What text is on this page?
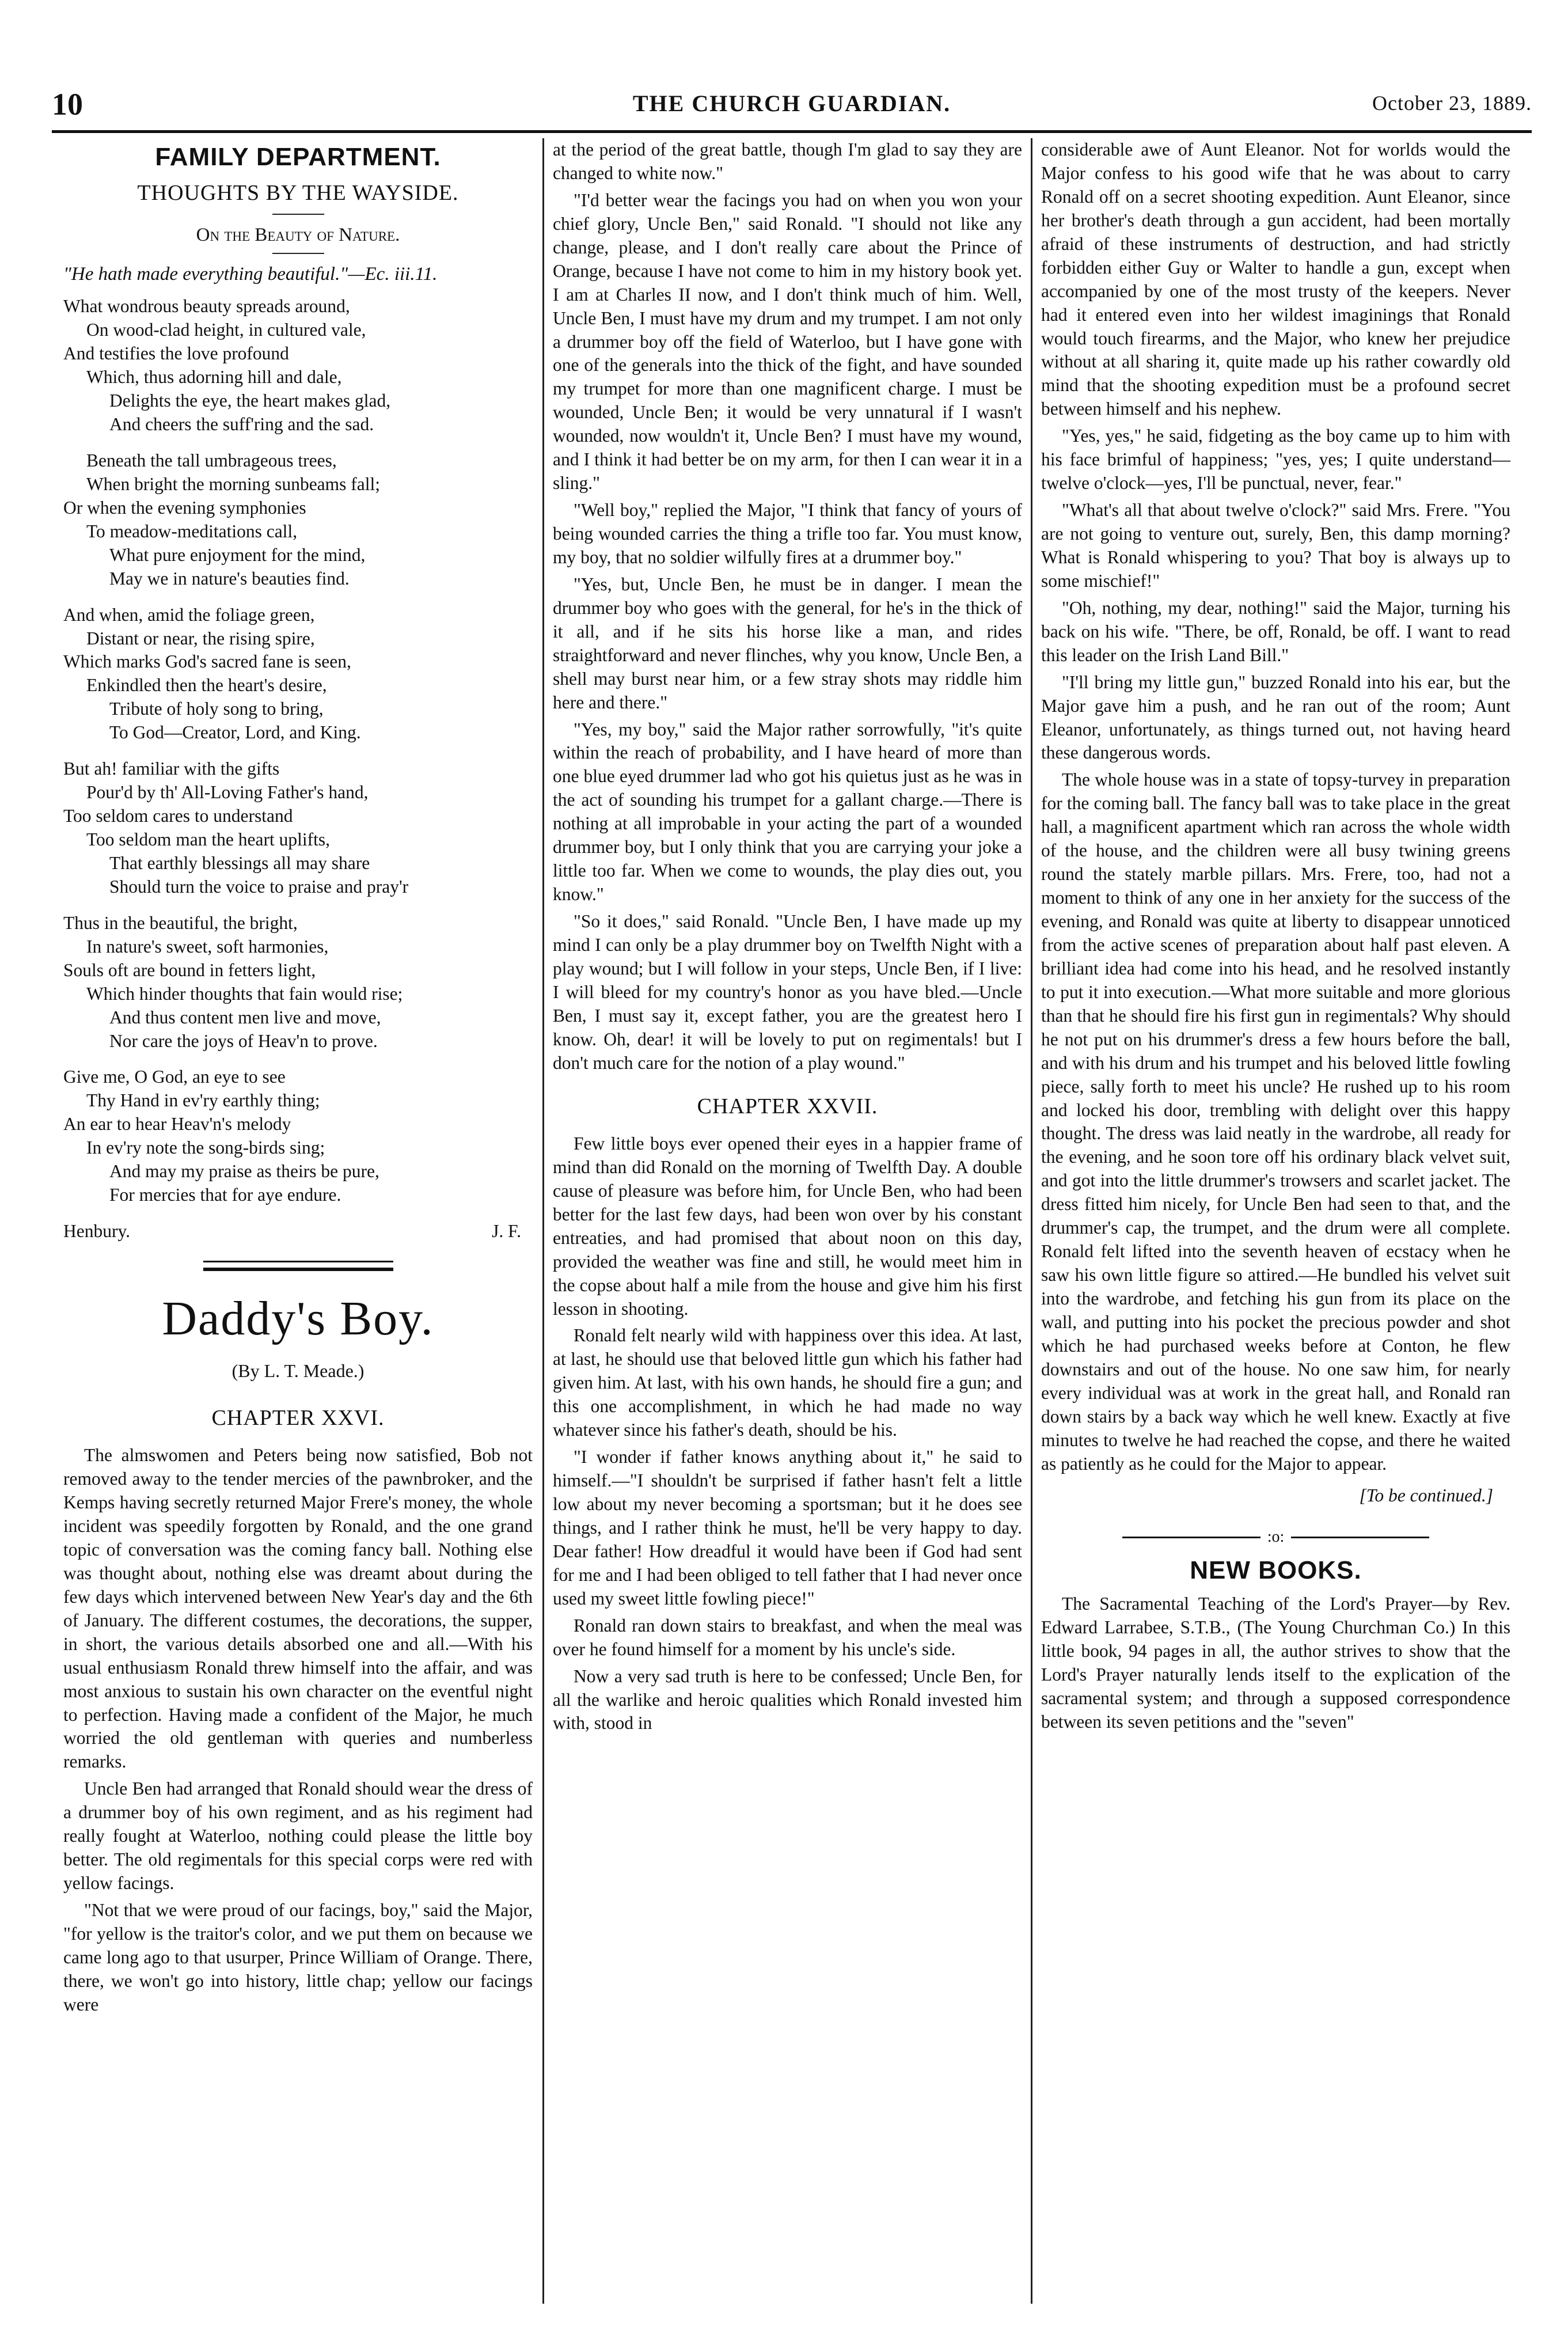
10	THE CHURCH GUARDIAN.	October 23, 1889.
FAMILY DEPARTMENT.
THOUGHTS BY THE WAYSIDE.
On the Beauty of Nature.
"He hath made everything beautiful."—Ec. iii.11.
What wondrous beauty spreads around,
On wood-clad height, in cultured vale,
And testifies the love profound
Which, thus adorning hill and dale,
Delights the eye, the heart makes glad,
And cheers the suff'ring and the sad.
Beneath the tall umbrageous trees,
When bright the morning sunbeams fall;
Or when the evening symphonies
To meadow-meditations call,
What pure enjoyment for the mind,
May we in nature's beauties find.
And when, amid the foliage green,
Distant or near, the rising spire,
Which marks God's sacred fane is seen,
Enkindled then the heart's desire,
Tribute of holy song to bring,
To God—Creator, Lord, and King.
But ah! familiar with the gifts
Pour'd by th' All-Loving Father's hand,
Too seldom cares to understand
Too seldom man the heart uplifts,
That earthly blessings all may share
Should turn the voice to praise and pray'r
Thus in the beautiful, the bright,
In nature's sweet, soft harmonies,
Souls oft are bound in fetters light,
Which hinder thoughts that fain would rise;
And thus content men live and move,
Nor care the joys of Heav'n to prove.
Give me, O God, an eye to see
Thy Hand in ev'ry earthly thing;
An ear to hear Heav'n's melody
In ev'ry note the song-birds sing;
And may my praise as theirs be pure,
For mercies that for aye endure.
Henbury.	J. F.
Daddy's Boy.
(By L. T. Meade.)
CHAPTER XXVI.

The almswomen and Peters being now satisfied, Bob not removed away to the tender mercies of the pawnbroker, and the Kemps having secretly returned Major Frere's money, the whole incident was speedily forgotten by Ronald, and the one grand topic of conversation was the coming fancy ball. Nothing else was thought about, nothing else was dreamt about during the few days which intervened between New Year's day and the 6th of January. The different costumes, the decorations, the supper, in short, the various details absorbed one and all.—With his usual enthusiasm Ronald threw himself into the affair, and was most anxious to sustain his own character on the eventful night to perfection. Having made a confident of the Major, he much worried the old gentleman with queries and numberless remarks.

Uncle Ben had arranged that Ronald should wear the dress of a drummer boy of his own regiment, and as his regiment had really fought at Waterloo, nothing could please the little boy better. The old regimentals for this special corps were red with yellow facings.

"Not that we were proud of our facings, boy," said the Major, "for yellow is the traitor's color, and we put them on because we came long ago to that usurper, Prince William of Orange. There, there, we won't go into history, little chap; yellow our facings were

at the period of the great battle, though I'm glad to say they are changed to white now."

"I'd better wear the facings you had on when you won your chief glory, Uncle Ben," said Ronald. "I should not like any change, please, and I don't really care about the Prince of Orange, because I have not come to him in my history book yet. I am at Charles II now, and I don't think much of him. Well, Uncle Ben, I must have my drum and my trumpet. I am not only a drummer boy off the field of Waterloo, but I have gone with one of the generals into the thick of the fight, and have sounded my trumpet for more than one magnificent charge. I must be wounded, Uncle Ben; it would be very unnatural if I wasn't wounded, now wouldn't it, Uncle Ben? I must have my wound, and I think it had better be on my arm, for then I can wear it in a sling."

"Well boy," replied the Major, "I think that fancy of yours of being wounded carries the thing a trifle too far. You must know, my boy, that no soldier wilfully fires at a drummer boy."

"Yes, but, Uncle Ben, he must be in danger. I mean the drummer boy who goes with the general, for he's in the thick of it all, and if he sits his horse like a man, and rides straightforward and never flinches, why you know, Uncle Ben, a shell may burst near him, or a few stray shots may riddle him here and there."

"Yes, my boy," said the Major rather sorrowfully, "it's quite within the reach of probability, and I have heard of more than one blue eyed drummer lad who got his quietus just as he was in the act of sounding his trumpet for a gallant charge.—There is nothing at all improbable in your acting the part of a wounded drummer boy, but I only think that you are carrying your joke a little too far. When we come to wounds, the play dies out, you know."

"So it does," said Ronald. "Uncle Ben, I have made up my mind I can only be a play drummer boy on Twelfth Night with a play wound; but I will follow in your steps, Uncle Ben, if I live: I will bleed for my country's honor as you have bled.—Uncle Ben, I must say it, except father, you are the greatest hero I know. Oh, dear! it will be lovely to put on regimentals! but I don't much care for the notion of a play wound."

CHAPTER XXVII.

Few little boys ever opened their eyes in a happier frame of mind than did Ronald on the morning of Twelfth Day. A double cause of pleasure was before him, for Uncle Ben, who had been better for the last few days, had been won over by his constant entreaties, and had promised that about noon on this day, provided the weather was fine and still, he would meet him in the copse about half a mile from the house and give him his first lesson in shooting.

Ronald felt nearly wild with happiness over this idea. At last, at last, he should use that beloved little gun which his father had given him. At last, with his own hands, he should fire a gun; and this one accomplishment, in which he had made no way whatever since his father's death, should be his.

"I wonder if father knows anything about it," he said to himself.—"I shouldn't be surprised if father hasn't felt a little low about my never becoming a sportsman; but it he does see things, and I rather think he must, he'll be very happy to day. Dear father! How dreadful it would have been if God had sent for me and I had been obliged to tell father that I had never once used my sweet little fowling piece!"

Ronald ran down stairs to breakfast, and when the meal was over he found himself for a moment by his uncle's side.

Now a very sad truth is here to be confessed; Uncle Ben, for all the warlike and heroic qualities which Ronald invested him with, stood in

considerable awe of Aunt Eleanor. Not for worlds would the Major confess to his good wife that he was about to carry Ronald off on a secret shooting expedition. Aunt Eleanor, since her brother's death through a gun accident, had been mortally afraid of these instruments of destruction, and had strictly forbidden either Guy or Walter to handle a gun, except when accompanied by one of the most trusty of the keepers. Never had it entered even into her wildest imaginings that Ronald would touch firearms, and the Major, who knew her prejudice without at all sharing it, quite made up his rather cowardly old mind that the shooting expedition must be a profound secret between himself and his nephew.

"Yes, yes," he said, fidgeting as the boy came up to him with his face brimful of happiness; "yes, yes; I quite understand—twelve o'clock—yes, I'll be punctual, never, fear."

"What's all that about twelve o'clock?" said Mrs. Frere. "You are not going to venture out, surely, Ben, this damp morning? What is Ronald whispering to you? That boy is always up to some mischief!"

"Oh, nothing, my dear, nothing!" said the Major, turning his back on his wife. "There, be off, Ronald, be off. I want to read this leader on the Irish Land Bill."

"I'll bring my little gun," buzzed Ronald into his ear, but the Major gave him a push, and he ran out of the room; Aunt Eleanor, unfortunately, as things turned out, not having heard these dangerous words.

The whole house was in a state of topsy-turvey in preparation for the coming ball. The fancy ball was to take place in the great hall, a magnificent apartment which ran across the whole width of the house, and the children were all busy twining greens round the stately marble pillars. Mrs. Frere, too, had not a moment to think of any one in her anxiety for the success of the evening, and Ronald was quite at liberty to disappear unnoticed from the active scenes of preparation about half past eleven. A brilliant idea had come into his head, and he resolved instantly to put it into execution.—What more suitable and more glorious than that he should fire his first gun in regimentals? Why should he not put on his drummer's dress a few hours before the ball, and with his drum and his trumpet and his beloved little fowling piece, sally forth to meet his uncle? He rushed up to his room and locked his door, trembling with delight over this happy thought. The dress was laid neatly in the wardrobe, all ready for the evening, and he soon tore off his ordinary black velvet suit, and got into the little drummer's trowsers and scarlet jacket. The dress fitted him nicely, for Uncle Ben had seen to that, and the drummer's cap, the trumpet, and the drum were all complete. Ronald felt lifted into the seventh heaven of ecstacy when he saw his own little figure so attired.—He bundled his velvet suit into the wardrobe, and fetching his gun from its place on the wall, and putting into his pocket the precious powder and shot which he had purchased weeks before at Conton, he flew downstairs and out of the house. No one saw him, for nearly every individual was at work in the great hall, and Ronald ran down stairs by a back way which he well knew. Exactly at five minutes to twelve he had reached the copse, and there he waited as patiently as he could for the Major to appear.

[To be continued.]
:o:
NEW BOOKS.

The Sacramental Teaching of the Lord's Prayer—by Rev. Edward Larrabee, S.T.B., (The Young Churchman Co.) In this little book, 94 pages in all, the author strives to show that the Lord's Prayer naturally lends itself to the explication of the sacramental system; and through a supposed correspondence between its seven petitions and the "seven"
